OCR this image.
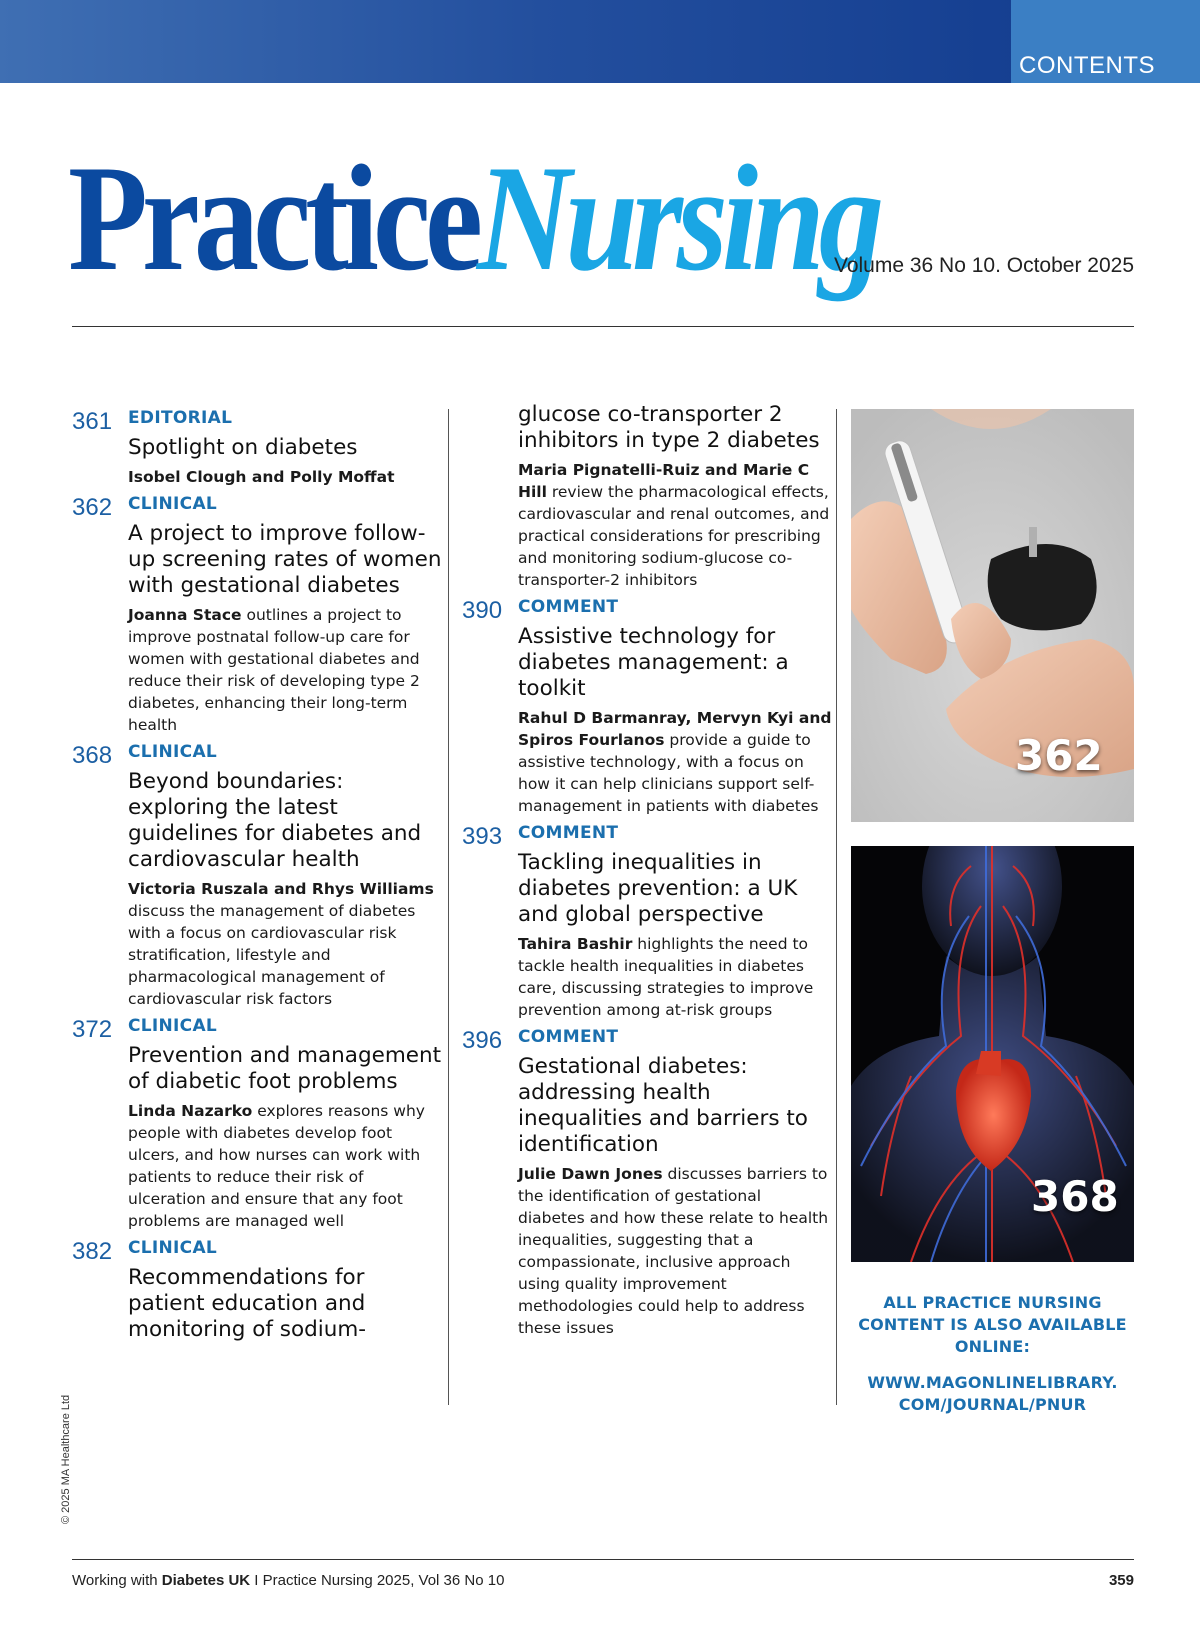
CONTENTS
PracticeNursing
Volume 36 No 10. October 2025
361 EDITORIAL
Spotlight on diabetes
Isobel Clough and Polly Moffat
362 CLINICAL
A project to improve follow-up screening rates of women with gestational diabetes
Joanna Stace outlines a project to improve postnatal follow-up care for women with gestational diabetes and reduce their risk of developing type 2 diabetes, enhancing their long-term health
368 CLINICAL
Beyond boundaries: exploring the latest guidelines for diabetes and cardiovascular health
Victoria Ruszala and Rhys Williams discuss the management of diabetes with a focus on cardiovascular risk stratification, lifestyle and pharmacological management of cardiovascular risk factors
372 CLINICAL
Prevention and management of diabetic foot problems
Linda Nazarko explores reasons why people with diabetes develop foot ulcers, and how nurses can work with patients to reduce their risk of ulceration and ensure that any foot problems are managed well
382 CLINICAL
Recommendations for patient education and monitoring of sodium-
glucose co-transporter 2 inhibitors in type 2 diabetes
Maria Pignatelli-Ruiz and Marie C Hill review the pharmacological effects, cardiovascular and renal outcomes, and practical considerations for prescribing and monitoring sodium-glucose co-transporter-2 inhibitors
390 COMMENT
Assistive technology for diabetes management: a toolkit
Rahul D Barmanray, Mervyn Kyi and Spiros Fourlanos provide a guide to assistive technology, with a focus on how it can help clinicians support self-management in patients with diabetes
393 COMMENT
Tackling inequalities in diabetes prevention: a UK and global perspective
Tahira Bashir highlights the need to tackle health inequalities in diabetes care, discussing strategies to improve prevention among at-risk groups
396 COMMENT
Gestational diabetes: addressing health inequalities and barriers to identification
Julie Dawn Jones discusses barriers to the identification of gestational diabetes and how these relate to health inequalities, suggesting that a compassionate, inclusive approach using quality improvement methodologies could help to address these issues
362
368
ALL PRACTICE NURSING CONTENT IS ALSO AVAILABLE ONLINE:
WWW.MAGONLINELIBRARY. COM/JOURNAL/PNUR
© 2025 MA Healthcare Ltd
Working with Diabetes UK I Practice Nursing 2025, Vol 36 No 10	359
